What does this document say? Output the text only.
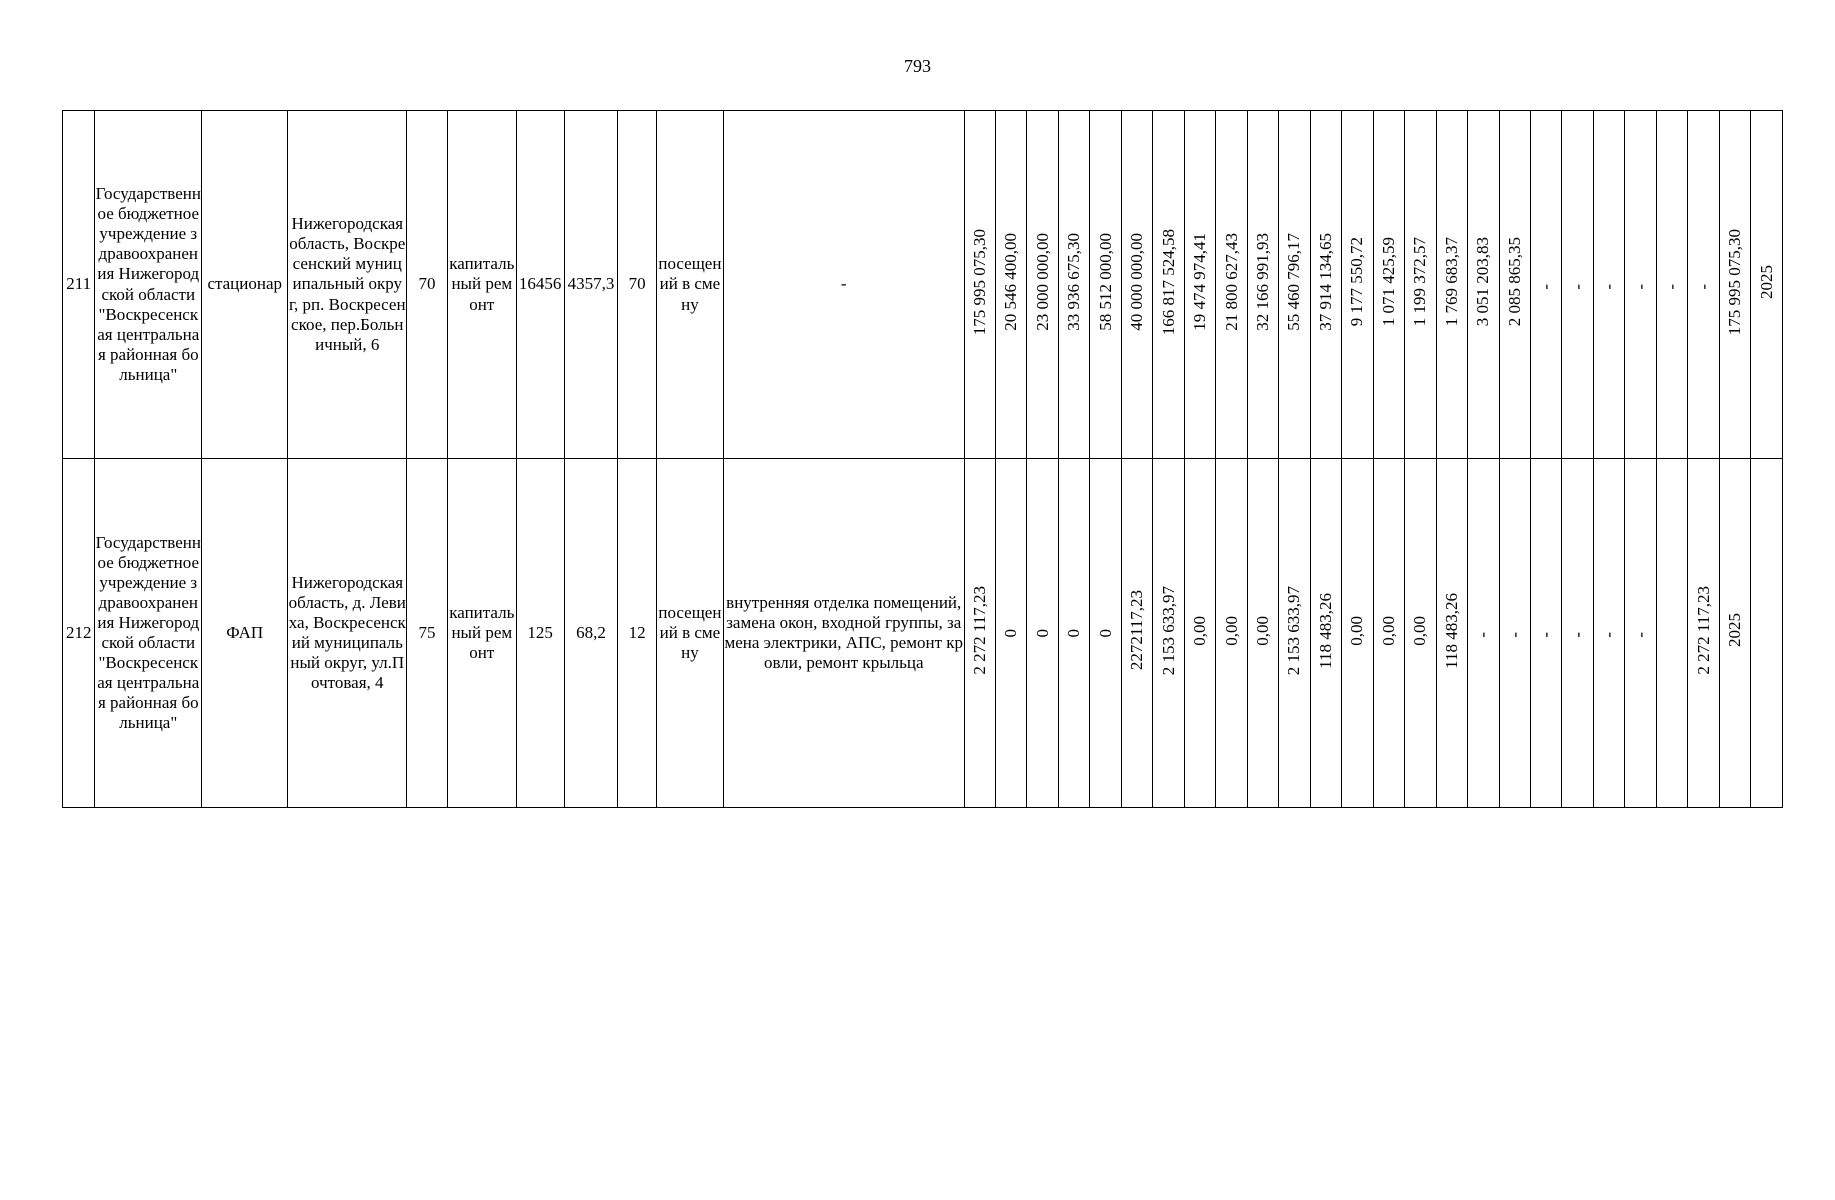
793
211	Государственное бюджетное учреждение здравоохранения Нижегородской области "Воскресенская центральная районная больница"	стационар	Нижегородская область, Воскресенский муниципальный округ, рп. Воскресенское, пер.Больничный, 6	70	капитальный ремонт	16456	4357,3	70	посещений в смену	-	175 995 075,30	20 546 400,00	23 000 000,00	33 936 675,30	58 512 000,00	40 000 000,00	166 817 524,58	19 474 974,41	21 800 627,43	32 166 991,93	55 460 796,17	37 914 134,65	9 177 550,72	1 071 425,59	1 199 372,57	1 769 683,37	3 051 203,83	2 085 865,35	-	-	-	-	-	-	175 995 075,30	2025
212	Государственное бюджетное учреждение здравоохранения Нижегородской области "Воскресенская центральная районная больница"	ФАП	Нижегородская область, д. Левиха, Воскресенский муниципальный округ, ул.Почтовая, 4	75	капитальный ремонт	125	68,2	12	посещений в смену	внутренняя отделка помещений, замена окон, входной группы, замена электрики, АПС, ремонт кровли, ремонт крыльца	2 272 117,23	0	0	0	0	2272117,23	2 153 633,97	0,00	0,00	0,00	2 153 633,97	118 483,26	0,00	0,00	0,00	118 483,26	-	-	-	-	-	-		2 272 117,23	2025	
